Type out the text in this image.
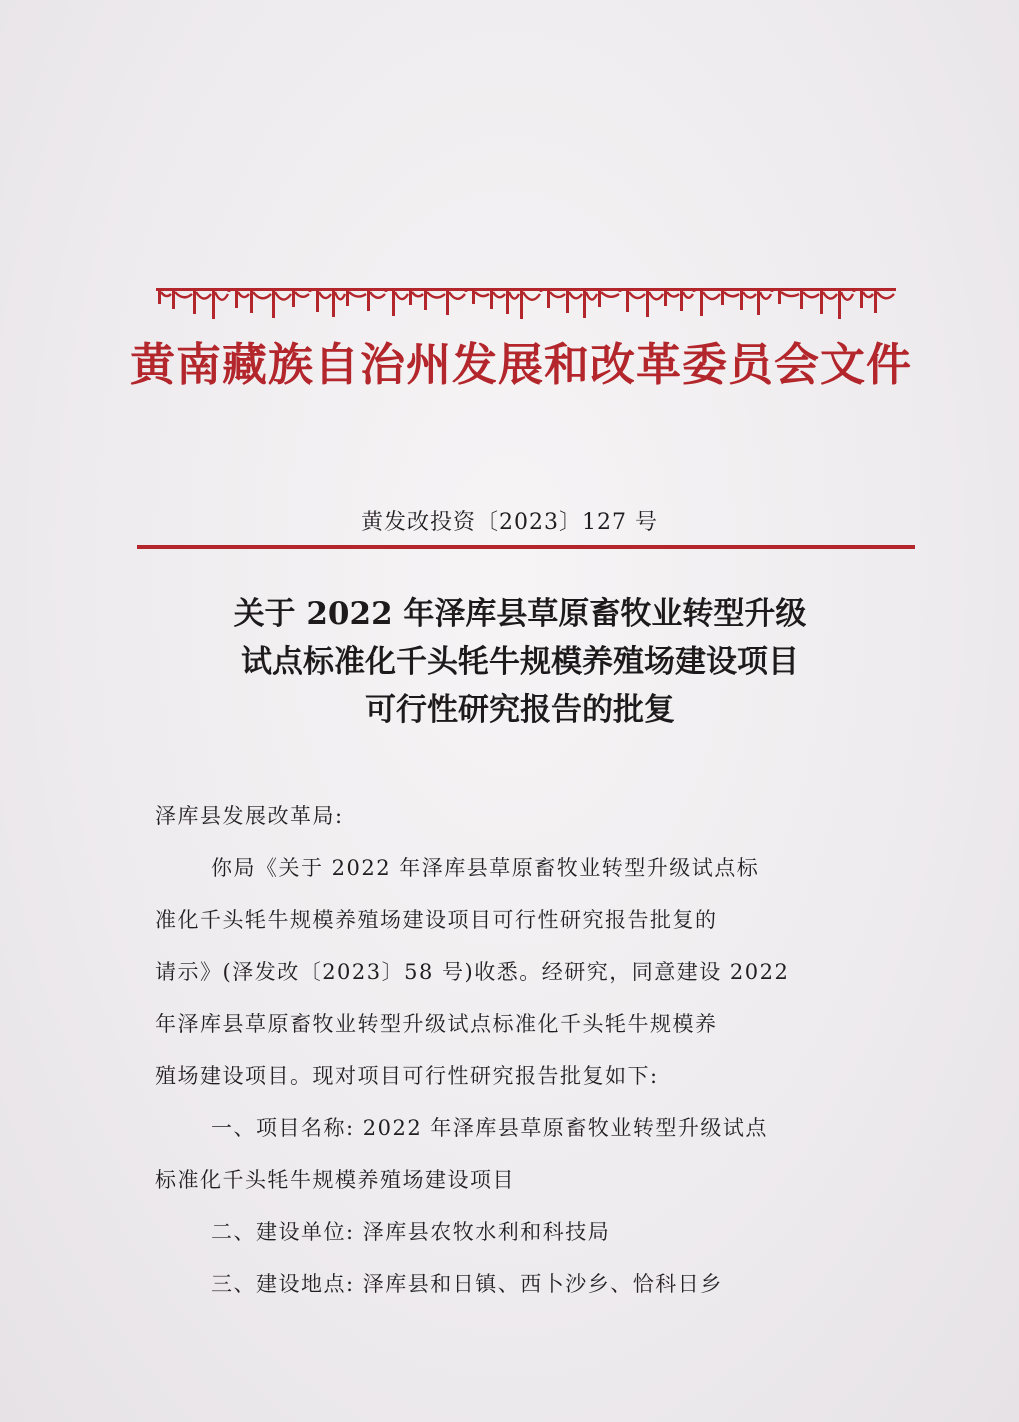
黄南藏族自治州发展和改革委员会文件
黄发改投资〔2023〕127 号
关于 2022 年泽库县草原畜牧业转型升级
试点标准化千头牦牛规模养殖场建设项目
可行性研究报告的批复
泽库县发展改革局:
你局《关于 2022 年泽库县草原畜牧业转型升级试点标
准化千头牦牛规模养殖场建设项目可行性研究报告批复的
请示》(泽发改〔2023〕58 号)收悉。经研究，同意建设 2022
年泽库县草原畜牧业转型升级试点标准化千头牦牛规模养
殖场建设项目。现对项目可行性研究报告批复如下:
一、项目名称: 2022 年泽库县草原畜牧业转型升级试点
标准化千头牦牛规模养殖场建设项目
二、建设单位: 泽库县农牧水利和科技局
三、建设地点: 泽库县和日镇、西卜沙乡、恰科日乡
